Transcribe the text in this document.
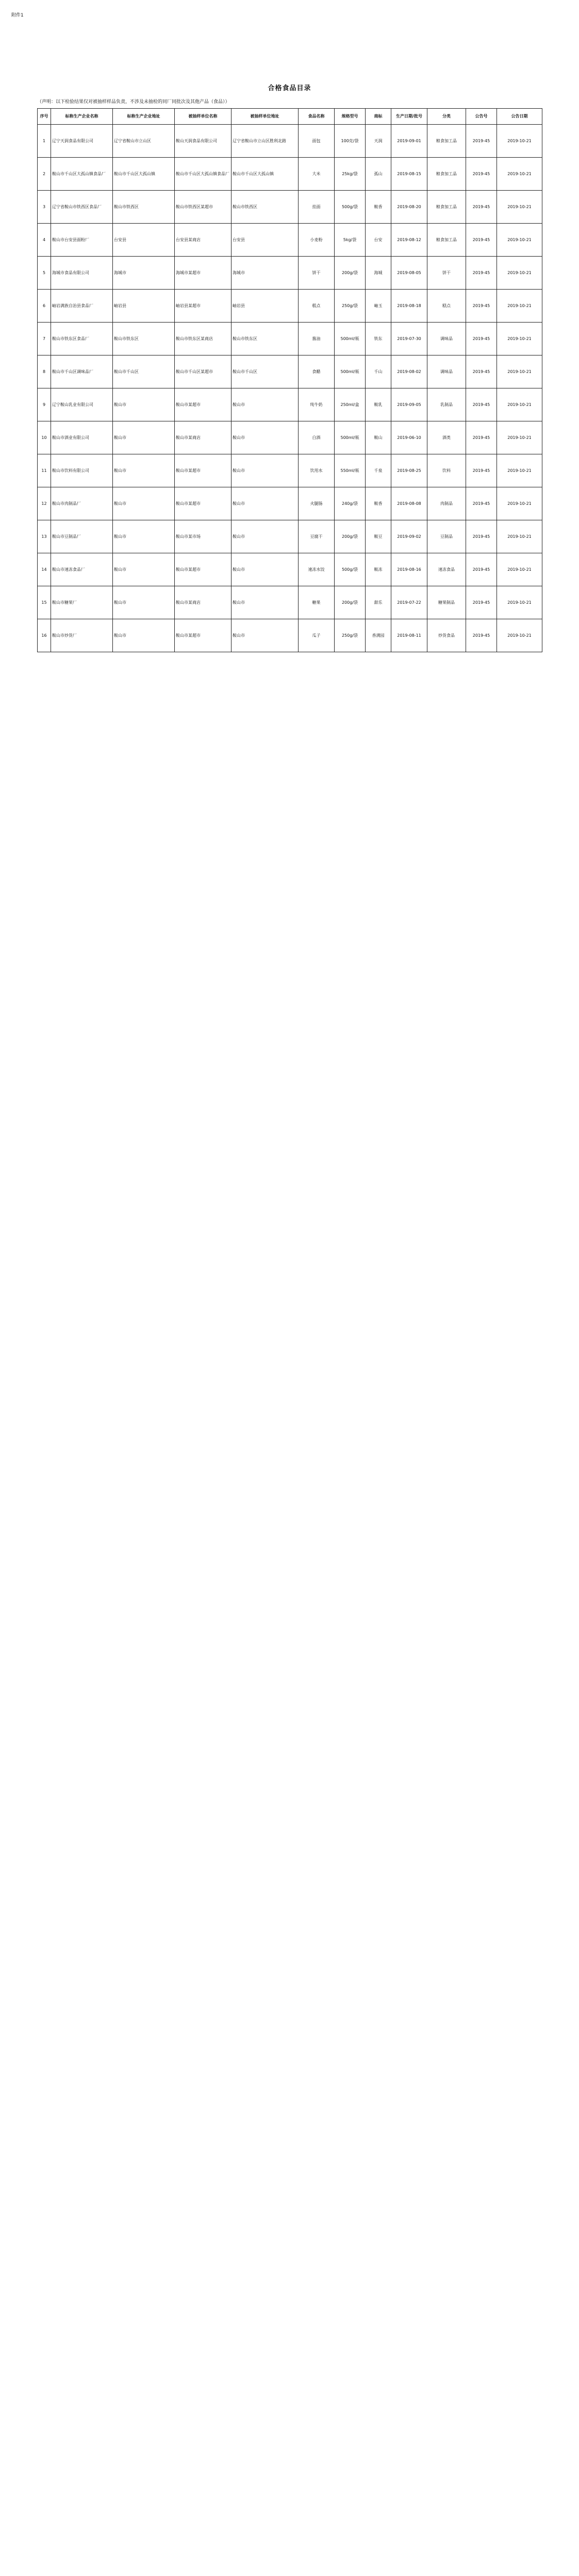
附件1
合格食品目录
（声明：以下检验结果仅对被抽样样品负责，不涉及未抽检的同厂同批次及其他产品（食品））
序号	标称生产企业名称	标称生产企业地址	被抽样单位名称	被抽样单位地址	食品名称	规格型号	商标	生产日期/批号	分类	公告号	公告日期
1	辽宁天润食品有限公司	辽宁省鞍山市立山区	鞍山天润食品有限公司	辽宁省鞍山市立山区胜利北路	面包	100克/袋	天润	2019-09-01	粮食加工品	2019-45	2019-10-21
2	鞍山市千山区大孤山镇食品厂	鞍山市千山区大孤山镇	鞍山市千山区大孤山镇食品厂	鞍山市千山区大孤山镇	大米	25kg/袋	孤山	2019-08-15	粮食加工品	2019-45	2019-10-21
3	辽宁省鞍山市铁西区食品厂	鞍山市铁西区	鞍山市铁西区某超市	鞍山市铁西区	挂面	500g/袋	鞍香	2019-08-20	粮食加工品	2019-45	2019-10-21
4	鞍山市台安县面粉厂	台安县	台安县某商店	台安县	小麦粉	5kg/袋	台安	2019-08-12	粮食加工品	2019-45	2019-10-21
5	海城市食品有限公司	海城市	海城市某超市	海城市	饼干	200g/袋	海城	2019-08-05	饼干	2019-45	2019-10-21
6	岫岩满族自治县食品厂	岫岩县	岫岩县某超市	岫岩县	糕点	250g/袋	岫玉	2019-08-18	糕点	2019-45	2019-10-21
7	鞍山市铁东区食品厂	鞍山市铁东区	鞍山市铁东区某商店	鞍山市铁东区	酱油	500ml/瓶	铁东	2019-07-30	调味品	2019-45	2019-10-21
8	鞍山市千山区调味品厂	鞍山市千山区	鞍山市千山区某超市	鞍山市千山区	食醋	500ml/瓶	千山	2019-08-02	调味品	2019-45	2019-10-21
9	辽宁鞍山乳业有限公司	鞍山市	鞍山市某超市	鞍山市	纯牛奶	250ml/盒	鞍乳	2019-09-05	乳制品	2019-45	2019-10-21
10	鞍山市酒业有限公司	鞍山市	鞍山市某商店	鞍山市	白酒	500ml/瓶	鞍山	2019-06-10	酒类	2019-45	2019-10-21
11	鞍山市饮料有限公司	鞍山市	鞍山市某超市	鞍山市	饮用水	550ml/瓶	千泉	2019-08-25	饮料	2019-45	2019-10-21
12	鞍山市肉制品厂	鞍山市	鞍山市某超市	鞍山市	火腿肠	240g/袋	鞍香	2019-08-08	肉制品	2019-45	2019-10-21
13	鞍山市豆制品厂	鞍山市	鞍山市某市场	鞍山市	豆腐干	200g/袋	鞍豆	2019-09-02	豆制品	2019-45	2019-10-21
14	鞍山市速冻食品厂	鞍山市	鞍山市某超市	鞍山市	速冻水饺	500g/袋	鞍冻	2019-08-16	速冻食品	2019-45	2019-10-21
15	鞍山市糖果厂	鞍山市	鞍山市某商店	鞍山市	糖果	200g/袋	甜乐	2019-07-22	糖果制品	2019-45	2019-10-21
16	鞍山市炒货厂	鞍山市	鞍山市某超市	鞍山市	瓜子	250g/袋	香满园	2019-08-11	炒货食品	2019-45	2019-10-21
